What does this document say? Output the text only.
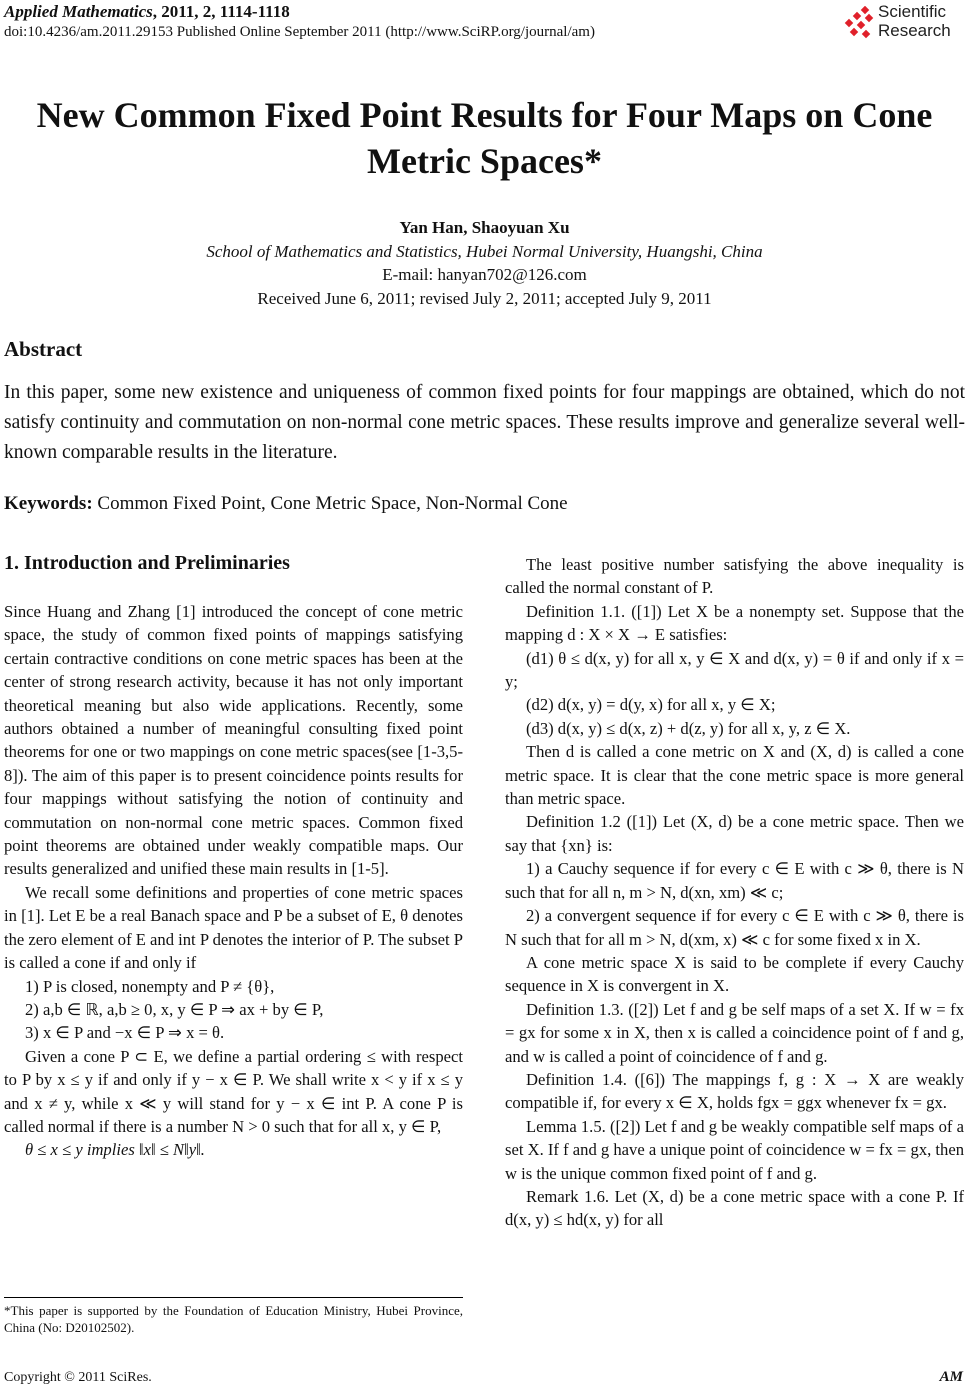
Applied Mathematics, 2011, 2, 1114-1118
doi:10.4236/am.2011.29153 Published Online September 2011 (http://www.SciRP.org/journal/am)
Scientific Research
New Common Fixed Point Results for Four Maps on Cone Metric Spaces*
Yan Han, Shaoyuan Xu
School of Mathematics and Statistics, Hubei Normal University, Huangshi, China
E-mail: hanyan702@126.com
Received June 6, 2011; revised July 2, 2011; accepted July 9, 2011
Abstract
In this paper, some new existence and uniqueness of common fixed points for four mappings are obtained, which do not satisfy continuity and commutation on non-normal cone metric spaces. These results improve and generalize several well-known comparable results in the literature.
Keywords: Common Fixed Point, Cone Metric Space, Non-Normal Cone
1. Introduction and Preliminaries

Since Huang and Zhang [1] introduced the concept of cone metric space, the study of common fixed points of mappings satisfying certain contractive conditions on cone metric spaces has been at the center of strong research activity, because it has not only important theoretical meaning but also wide applications. Recently, some authors obtained a number of meaningful consulting fixed point theorems for one or two mappings on cone metric spaces(see [1-3,5-8]). The aim of this paper is to present coincidence points results for four mappings without satisfying the notion of continuity and commutation on non-normal cone metric spaces. Common fixed point theorems are obtained under weakly compatible maps. Our results generalized and unified these main results in [1-5].

We recall some definitions and properties of cone metric spaces in [1]. Let E be a real Banach space and P be a subset of E, θ denotes the zero element of E and int P denotes the interior of P. The subset P is called a cone if and only if

1) P is closed, nonempty and P ≠ {θ},

2) a,b ∈ ℝ, a,b ≥ 0, x, y ∈ P ⇒ ax + by ∈ P,

3) x ∈ P and −x ∈ P ⇒ x = θ.

Given a cone P ⊂ E, we define a partial ordering ≤ with respect to P by x ≤ y if and only if y − x ∈ P. We shall write x < y if x ≤ y and x ≠ y, while x ≪ y will stand for y − x ∈ int P. A cone P is called normal if there is a number N > 0 such that for all x, y ∈ P,

θ ≤ x ≤ y implies ‖x‖ ≤ N‖y‖.

*This paper is supported by the Foundation of Education Ministry, Hubei Province, China (No: D20102502).

The least positive number satisfying the above inequality is called the normal constant of P.

Definition 1.1. ([1]) Let X be a nonempty set. Suppose that the mapping d : X × X → E satisfies:

(d1) θ ≤ d(x, y) for all x, y ∈ X and d(x, y) = θ if and only if x = y;

(d2) d(x, y) = d(y, x) for all x, y ∈ X;

(d3) d(x, y) ≤ d(x, z) + d(z, y) for all x, y, z ∈ X.

Then d is called a cone metric on X and (X, d) is called a cone metric space. It is clear that the cone metric space is more general than metric space.

Definition 1.2 ([1]) Let (X, d) be a cone metric space. Then we say that {xn} is:

1) a Cauchy sequence if for every c ∈ E with c ≫ θ, there is N such that for all n, m > N, d(xn, xm) ≪ c;

2) a convergent sequence if for every c ∈ E with c ≫ θ, there is N such that for all m > N, d(xm, x) ≪ c for some fixed x in X.

A cone metric space X is said to be complete if every Cauchy sequence in X is convergent in X.

Definition 1.3. ([2]) Let f and g be self maps of a set X. If w = fx = gx for some x in X, then x is called a coincidence point of f and g, and w is called a point of coincidence of f and g.

Definition 1.4. ([6]) The mappings f, g : X → X are weakly compatible if, for every x ∈ X, holds fgx = ggx whenever fx = gx.

Lemma 1.5. ([2]) Let f and g be weakly compatible self maps of a set X. If f and g have a unique point of coincidence w = fx = gx, then w is the unique common fixed point of f and g.

Remark 1.6. Let (X, d) be a cone metric space with a cone P. If d(x, y) ≤ hd(x, y) for all

Copyright © 2011 SciRes.	AM
